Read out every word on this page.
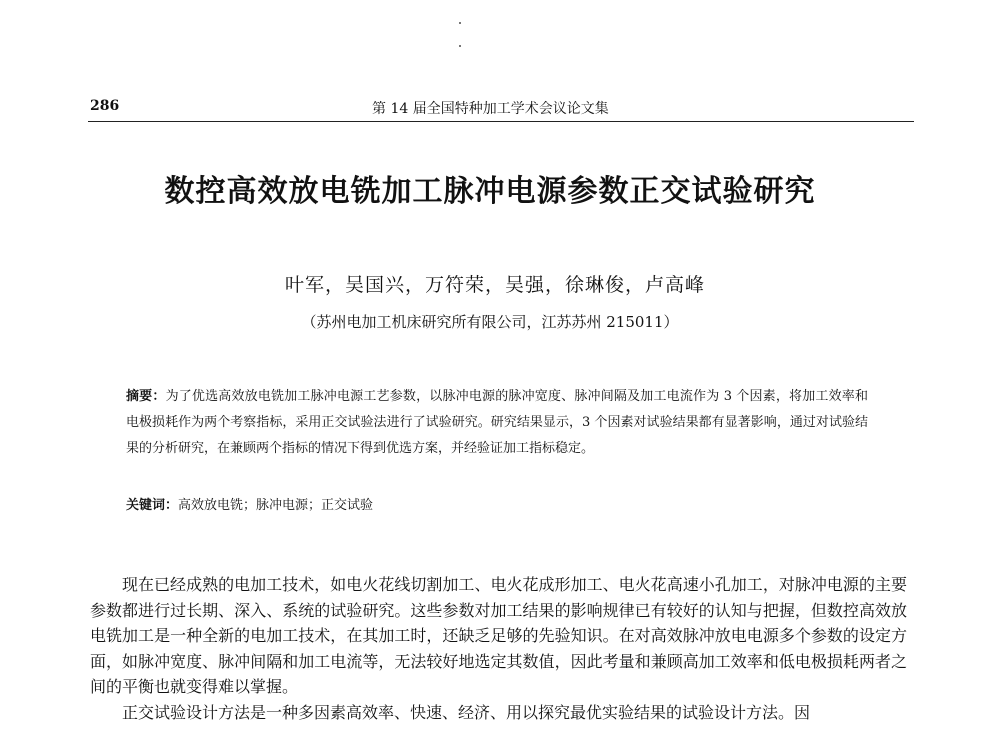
286	第 14 届全国特种加工学术会议论文集
数控高效放电铣加工脉冲电源参数正交试验研究
叶军，吴国兴，万符荣，吴强，徐琳俊，卢高峰
（苏州电加工机床研究所有限公司，江苏苏州 215011）
摘要：为了优选高效放电铣加工脉冲电源工艺参数，以脉冲电源的脉冲宽度、脉冲间隔及加工电流作为 3 个因素，将加工效率和电极损耗作为两个考察指标，采用正交试验法进行了试验研究。研究结果显示，3 个因素对试验结果都有显著影响，通过对试验结果的分析研究，在兼顾两个指标的情况下得到优选方案，并经验证加工指标稳定。
关键词：高效放电铣；脉冲电源；正交试验

现在已经成熟的电加工技术，如电火花线切割加工、电火花成形加工、电火花高速小孔加工，对脉冲电源的主要参数都进行过长期、深入、系统的试验研究。这些参数对加工结果的影响规律已有较好的认知与把握，但数控高效放电铣加工是一种全新的电加工技术，在其加工时，还缺乏足够的先验知识。在对高效脉冲放电电源多个参数的设定方面，如脉冲宽度、脉冲间隔和加工电流等，无法较好地选定其数值，因此考量和兼顾高加工效率和低电极损耗两者之间的平衡也就变得难以掌握。

正交试验设计方法是一种多因素高效率、快速、经济、用以探究最优实验结果的试验设计方法。因
